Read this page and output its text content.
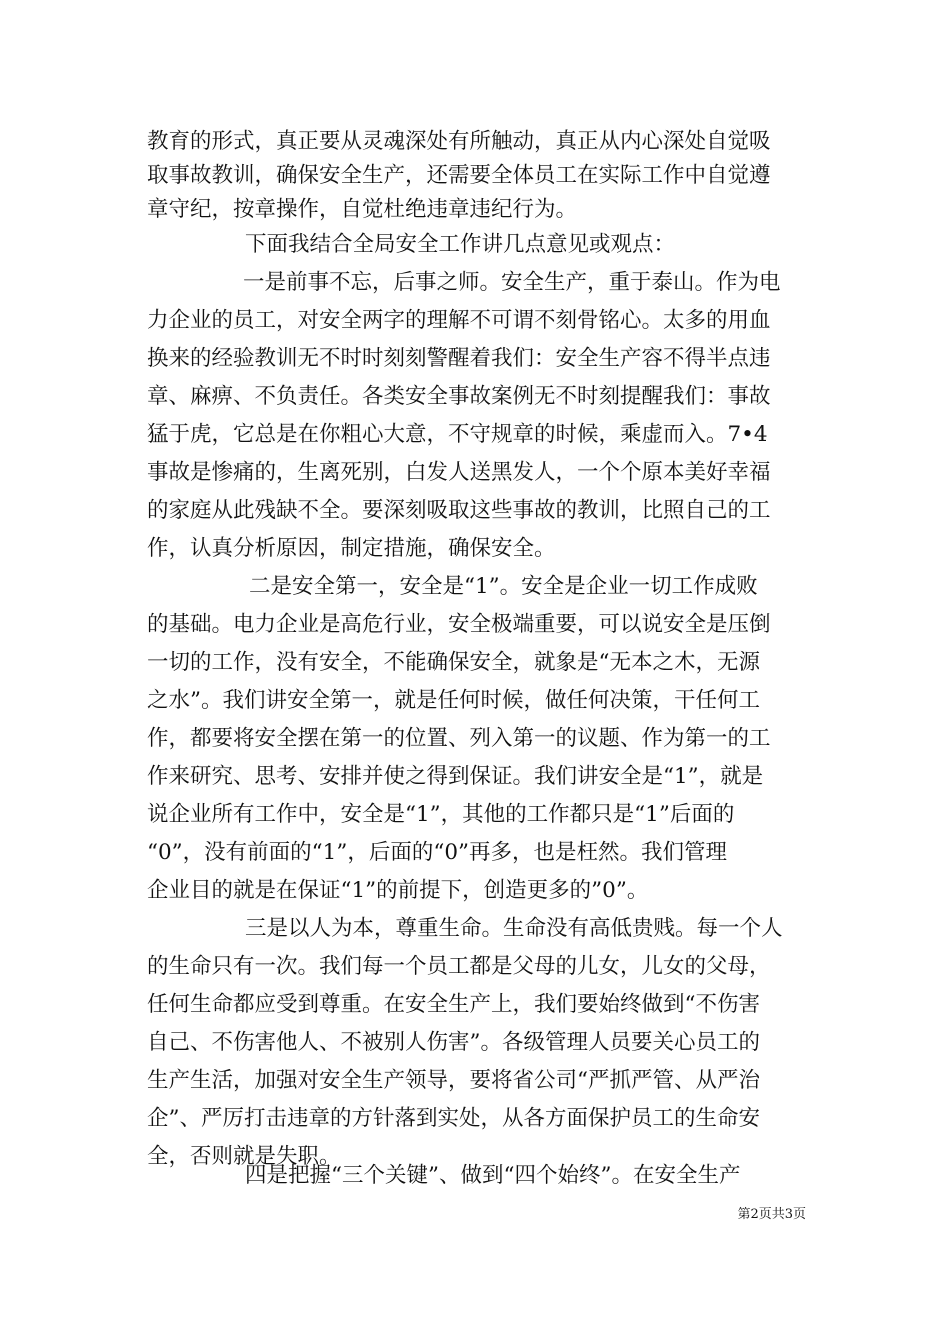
教育的形式，真正要从灵魂深处有所触动，真正从内心深处自觉吸
取事故教训，确保安全生产，还需要全体员工在实际工作中自觉遵
章守纪，按章操作，自觉杜绝违章违纪行为。
下面我结合全局安全工作讲几点意见或观点：
一是前事不忘，后事之师。安全生产，重于泰山。作为电
力企业的员工，对安全两字的理解不可谓不刻骨铭心。太多的用血
换来的经验教训无不时时刻刻警醒着我们：安全生产容不得半点违
章、麻痹、不负责任。各类安全事故案例无不时刻提醒我们：事故
猛于虎，它总是在你粗心大意，不守规章的时候，乘虚而入。7•4
事故是惨痛的，生离死别，白发人送黑发人，一个个原本美好幸福
的家庭从此残缺不全。要深刻吸取这些事故的教训，比照自己的工
作，认真分析原因，制定措施，确保安全。
二是安全第一，安全是“1”。安全是企业一切工作成败
的基础。电力企业是高危行业，安全极端重要，可以说安全是压倒
一切的工作，没有安全，不能确保安全，就象是“无本之木，无源
之水”。我们讲安全第一，就是任何时候，做任何决策，干任何工
作，都要将安全摆在第一的位置、列入第一的议题、作为第一的工
作来研究、思考、安排并使之得到保证。我们讲安全是“1”，就是
说企业所有工作中，安全是“1”，其他的工作都只是“1”后面的
“0”，没有前面的“1”，后面的“0”再多，也是枉然。我们管理
企业目的就是在保证“1”的前提下，创造更多的”0”。
三是以人为本，尊重生命。生命没有高低贵贱。每一个人
的生命只有一次。我们每一个员工都是父母的儿女，儿女的父母，
任何生命都应受到尊重。在安全生产上，我们要始终做到“不伤害
自己、不伤害他人、不被别人伤害”。各级管理人员要关心员工的
生产生活，加强对安全生产领导，要将省公司“严抓严管、从严治
企”、严厉打击违章的方针落到实处，从各方面保护员工的生命安
全，否则就是失职。
四是把握“三个关键”、做到“四个始终”。在安全生产
第2页共3页
